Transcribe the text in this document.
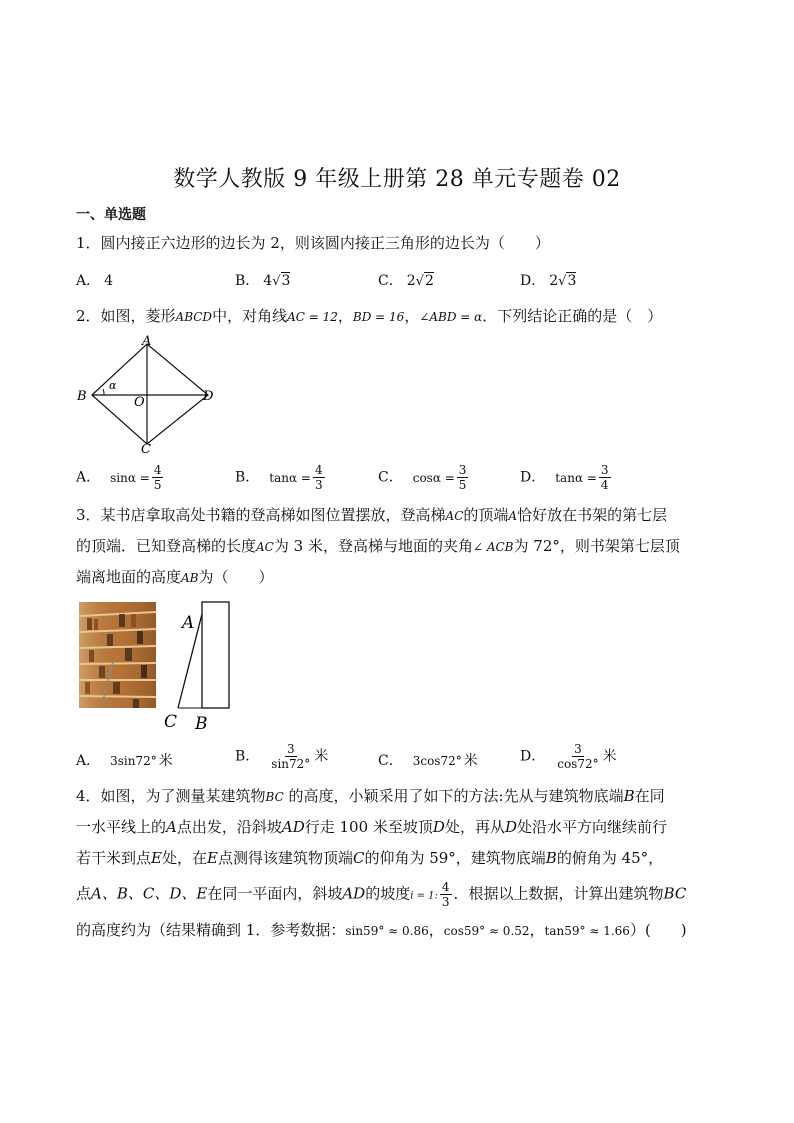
数学人教版 9 年级上册第 28 单元专题卷 02
一、单选题
1．圆内接正六边形的边长为 2，则该圆内接正三角形的边长为（　　）
A． 4	B． 4√3	C． 2√2	D． 2√3
2．如图，菱形ABCD中，对角线AC = 12，BD = 16，∠ABD = α．下列结论正确的是（　）
A
B
C
D
O
α
A． $\sin\alpha = \frac{4}{5}$	B． $\tan\alpha = \frac{4}{3}$	C． $\cos\alpha = \frac{3}{5}$	D． $\tan\alpha = \frac{3}{4}$
3．某书店拿取高处书籍的登高梯如图位置摆放，登高梯AC的顶端A恰好放在书架的第七层
的顶端．已知登高梯的长度AC为 3 米，登高梯与地面的夹角∠ ACB为 72°，则书架第七层顶
端离地面的高度AB为（　　）
A
C B
A． 3sin72° 米	B． $\frac{3}{\sin 72^\circ}$ 米	C． 3cos72° 米	D． $\frac{3}{\cos 72^\circ}$ 米
4．如图，为了测量某建筑物BC 的高度，小颖采用了如下的方法:先从与建筑物底端B在同
一水平线上的A点出发，沿斜坡AD行走 100 米至坡顶D处，再从D处沿水平方向继续前行
若干米到点E处，在E点测得该建筑物顶端C的仰角为 59°，建筑物底端B的俯角为 45°，
点A、B、C、D、E在同一平面内，斜坡AD的坡度i = 1: $\frac{4}{3}$ ．根据以上数据，计算出建筑物BC
的高度约为（结果精确到 1．参考数据：sin59° ≈ 0.86，cos59° ≈ 0.52，tan59° ≈ 1.66）(　　)
